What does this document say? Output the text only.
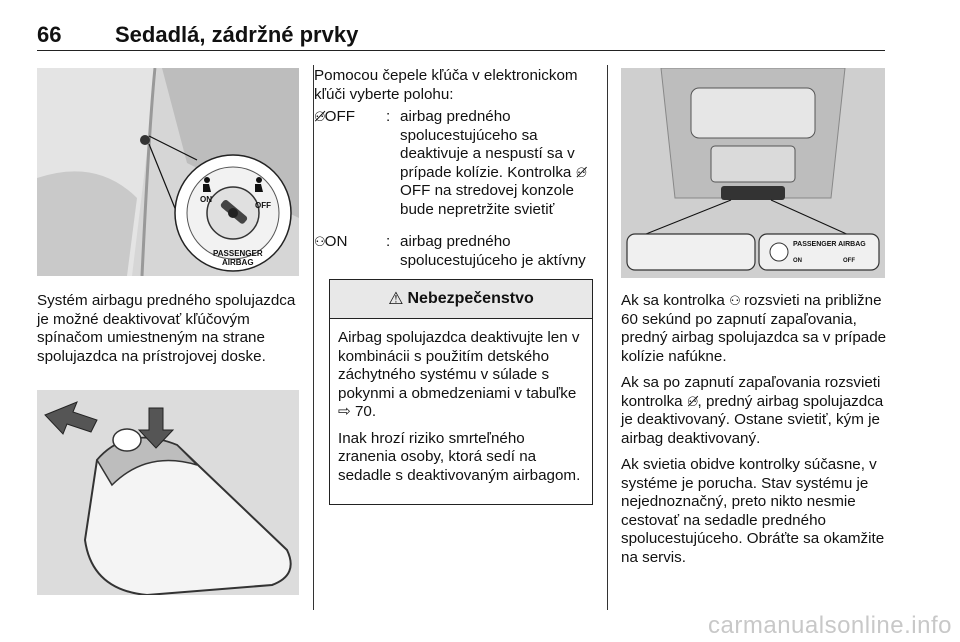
66 Sedadlá, zádržné prvky
ON
OFF
PASSENGER
AIRBAG

Systém airbagu predného spolujazdca je možné deaktivovať kľúčovým spínačom umiestneným na strane spolujazdca na prístrojovej doske.

Pomocou čepele kľúča v elektronickom kľúči vyberte polohu:

⚇̸OFF : airbag predného spolucestujúceho sa deaktivuje a nespustí sa v prípade kolízie. Kontrolka ⚇̸OFF na stredovej konzole bude nepretržite svietiť
⚇ON	: airbag predného spolucestujúceho je aktívny
⚠ Nebezpečenstvo

Airbag spolujazdca deaktivujte len v kombinácii s použitím detského záchytného systému v súlade s pokynmi a obmedzeniami v tabuľke ⇨ 70.

Inak hrozí riziko smrteľného zranenia osoby, ktorá sedí na sedadle s deaktivovaným airbagom.

PASSENGER AIRBAG
ON	OFF

Ak sa kontrolka ⚇ rozsvieti na približne 60 sekúnd po zapnutí zapaľovania, predný airbag spolujazdca sa v prípade kolízie nafúkne.

Ak sa po zapnutí zapaľovania rozsvieti kontrolka ⚇̸, predný airbag spolujazdca je deaktivovaný. Ostane svietiť, kým je airbag deaktivovaný.

Ak svietia obidve kontrolky súčasne, v systéme je porucha. Stav systému je nejednoznačný, preto nikto nesmie cestovať na sedadle predného spolucestujúceho. Obráťte sa okamžite na servis.

carmanualsonline.info
